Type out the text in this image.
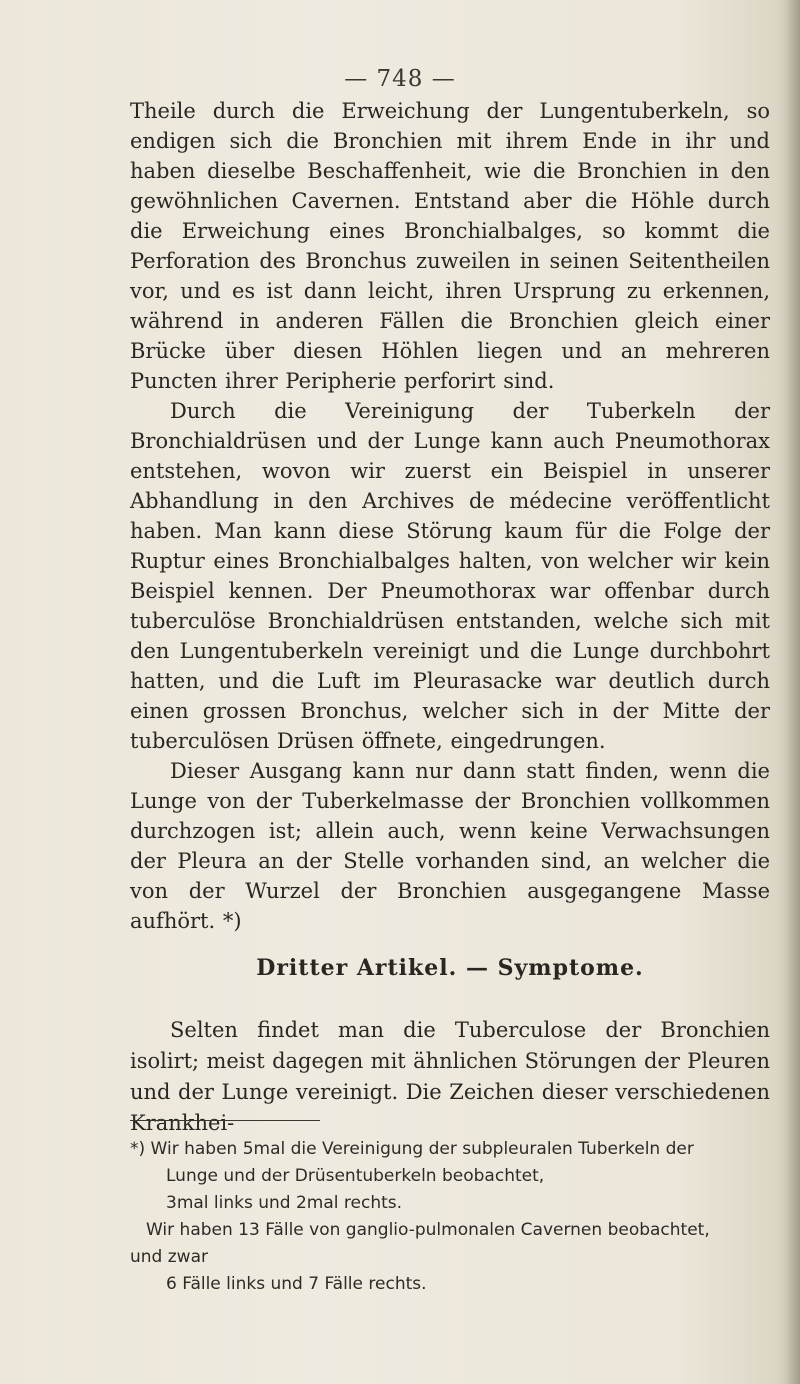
— 748 —

Theile durch die Erweichung der Lungentuberkeln, so endigen sich die Bronchien mit ihrem Ende in ihr und haben dieselbe Beschaffenheit, wie die Bronchien in den gewöhnlichen Cavernen. Entstand aber die Höhle durch die Erweichung eines Bronchialbalges, so kommt die Perforation des Bronchus zuweilen in seinen Seitentheilen vor, und es ist dann leicht, ihren Ursprung zu erkennen, während in anderen Fällen die Bronchien gleich einer Brücke über diesen Höhlen liegen und an mehreren Puncten ihrer Peripherie perforirt sind.

Durch die Vereinigung der Tuberkeln der Bronchialdrüsen und der Lunge kann auch Pneumothorax entstehen, wovon wir zuerst ein Beispiel in unserer Abhandlung in den Archives de médecine veröffentlicht haben. Man kann diese Störung kaum für die Folge der Ruptur eines Bronchialbalges halten, von welcher wir kein Beispiel kennen. Der Pneumothorax war offenbar durch tuberculöse Bronchialdrüsen entstanden, welche sich mit den Lungentuberkeln vereinigt und die Lunge durchbohrt hatten, und die Luft im Pleurasacke war deutlich durch einen grossen Bronchus, welcher sich in der Mitte der tuberculösen Drüsen öffnete, eingedrungen.

Dieser Ausgang kann nur dann statt finden, wenn die Lunge von der Tuberkelmasse der Bronchien vollkommen durchzogen ist; allein auch, wenn keine Verwachsungen der Pleura an der Stelle vorhanden sind, an welcher die von der Wurzel der Bronchien ausgegangene Masse aufhört. *)

Dritter Artikel. — Symptome.

Selten findet man die Tuberculose der Bronchien isolirt; meist dagegen mit ähnlichen Störungen der Pleuren und der Lunge vereinigt. Die Zeichen dieser verschiedenen Krankhei-

*) Wir haben 5mal die Vereinigung der subpleuralen Tuberkeln der
Lunge und der Drüsentuberkeln beobachtet,
3mal links und 2mal rechts.
Wir haben 13 Fälle von ganglio-pulmonalen Cavernen beobachtet,
und zwar
6 Fälle links und 7 Fälle rechts.
